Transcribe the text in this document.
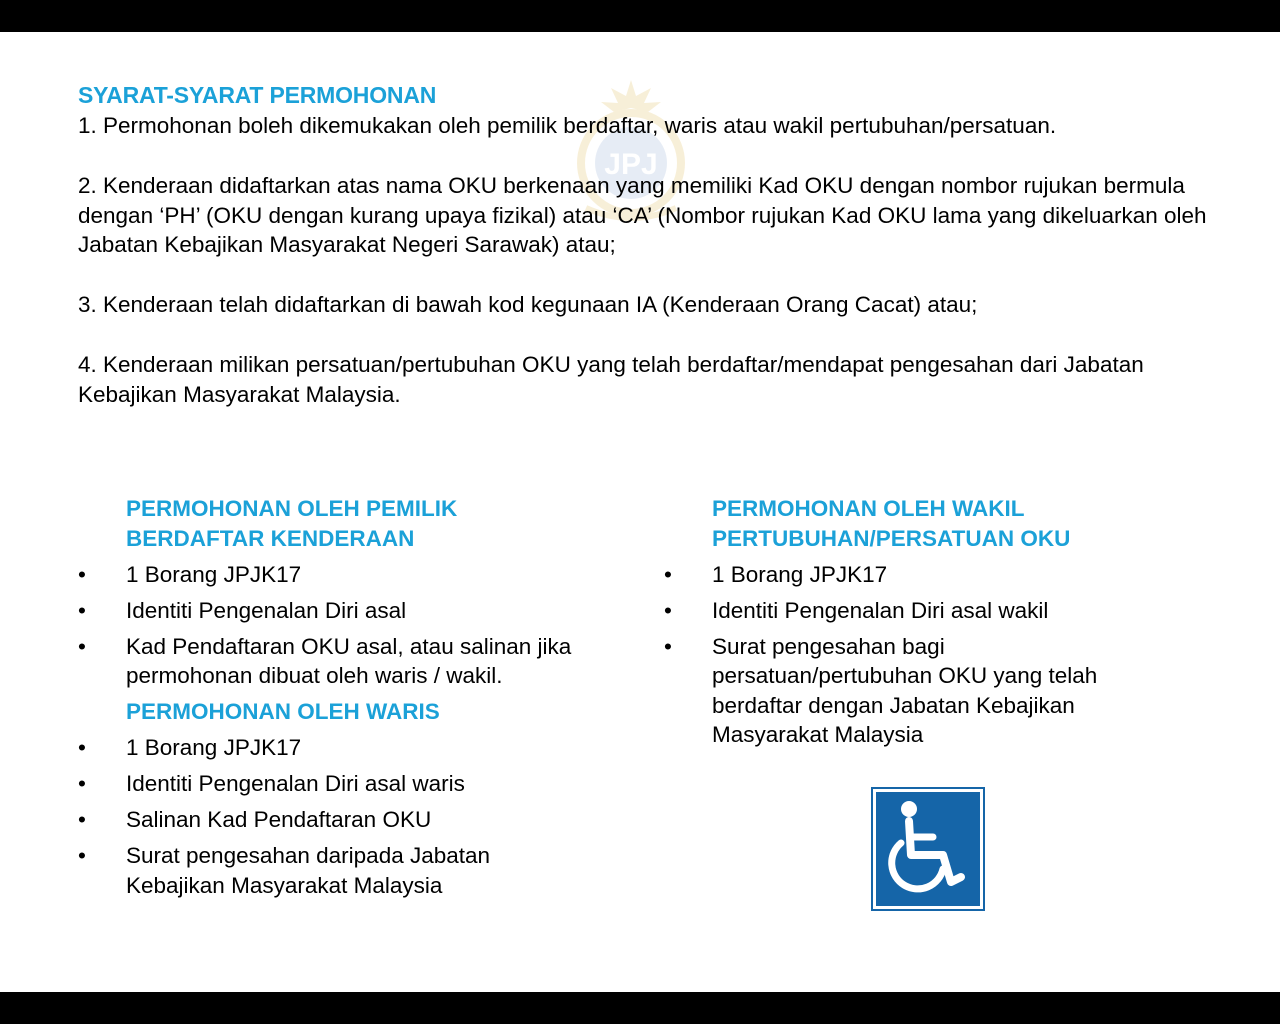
JPJ
SYARAT-SYARAT PERMOHONAN

1. Permohonan boleh dikemukakan oleh pemilik berdaftar, waris atau wakil pertubuhan/persatuan.

2. Kenderaan didaftarkan atas nama OKU berkenaan yang memiliki Kad OKU dengan nombor rujukan bermula dengan ‘PH’ (OKU dengan kurang upaya fizikal) atau ‘CA’ (Nombor rujukan Kad OKU lama yang dikeluarkan oleh Jabatan Kebajikan Masyarakat Negeri Sarawak) atau;

3. Kenderaan telah didaftarkan di bawah kod kegunaan IA (Kenderaan Orang Cacat) atau;

4. Kenderaan milikan persatuan/pertubuhan OKU yang telah berdaftar/mendapat pengesahan dari Jabatan Kebajikan Masyarakat Malaysia.

PERMOHONAN OLEH PEMILIK
BERDAFTAR KENDERAAN
• 1 Borang JPJK17
• Identiti Pengenalan Diri asal
• Kad Pendaftaran OKU asal, atau salinan jika permohonan dibuat oleh waris / wakil.
PERMOHONAN OLEH WARIS
• 1 Borang JPJK17
• Identiti Pengenalan Diri asal waris
• Salinan Kad Pendaftaran OKU
• Surat pengesahan daripada Jabatan Kebajikan Masyarakat Malaysia
PERMOHONAN OLEH WAKIL
PERTUBUHAN/PERSATUAN OKU
• 1 Borang JPJK17
• Identiti Pengenalan Diri asal wakil
• Surat pengesahan bagi persatuan/pertubuhan OKU yang telah berdaftar dengan Jabatan Kebajikan Masyarakat Malaysia
